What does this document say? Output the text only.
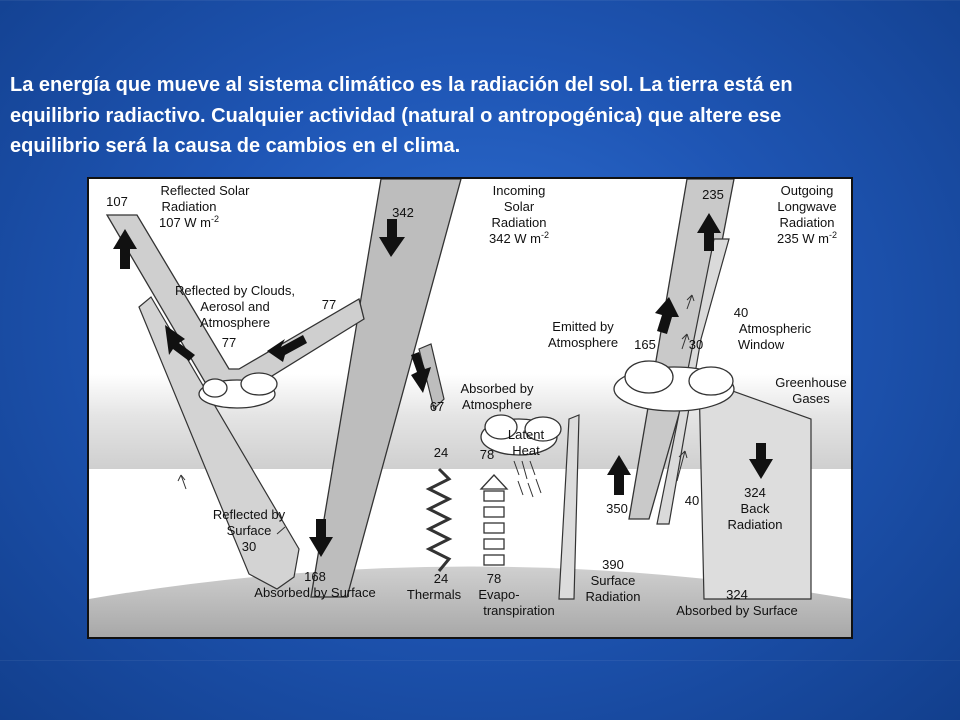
La energía que mueve al sistema climático es la radiación del sol. La tierra está en
equilibrio radiactivo. Cualquier actividad (natural o antropogénica) que altere ese
equilibrio será la causa de cambios en el clima.
107
Reflected Solar
Radiation
107 W $m^{-2}$	342
Incoming
Solar
Radiation
342 W $m^{-2}$
235	Outgoing
Longwave
Radiation
235 W $m^{-2}$
Reflected by Clouds,
Aerosol and
Atmosphere
77
77
67
Absorbed by
Atmosphere
Latent
Heat
Emitted by
Atmosphere 165	30
40
Atmospheric
Window
40
Greenhouse
Gases
Reflected by
Surface
30
24
24
Thermals
78
78
Evapo-
transpiration
168
Absorbed by Surface
350
390
Surface
Radiation
324
Back
Radiation
324
Absorbed by Surface
